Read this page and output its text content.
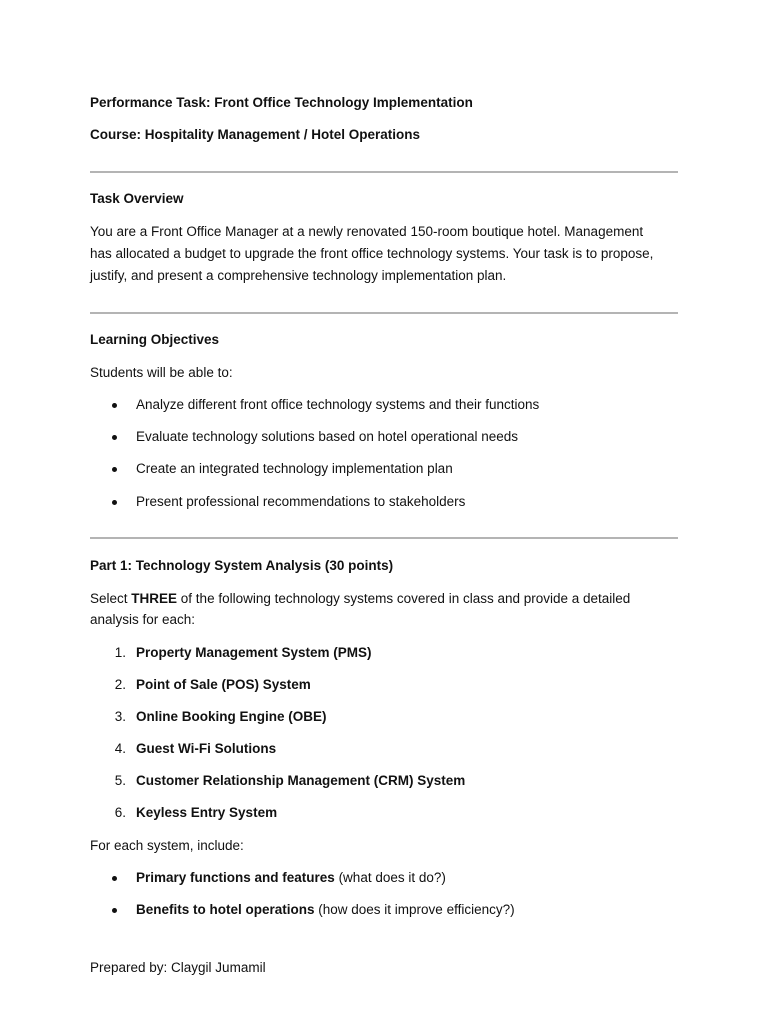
Performance Task: Front Office Technology Implementation
Course: Hospitality Management / Hotel Operations
Task Overview
You are a Front Office Manager at a newly renovated 150-room boutique hotel. Management
has allocated a budget to upgrade the front office technology systems. Your task is to propose,
justify, and present a comprehensive technology implementation plan.
Learning Objectives
Students will be able to:
Analyze different front office technology systems and their functions
Evaluate technology solutions based on hotel operational needs
Create an integrated technology implementation plan
Present professional recommendations to stakeholders
Part 1: Technology System Analysis (30 points)
Select THREE of the following technology systems covered in class and provide a detailed
analysis for each:
1. Property Management System (PMS)
2. Point of Sale (POS) System
3. Online Booking Engine (OBE)
4. Guest Wi-Fi Solutions
5. Customer Relationship Management (CRM) System
6. Keyless Entry System
For each system, include:
Primary functions and features (what does it do?)
Benefits to hotel operations (how does it improve efficiency?)
Prepared by: Claygil Jumamil
